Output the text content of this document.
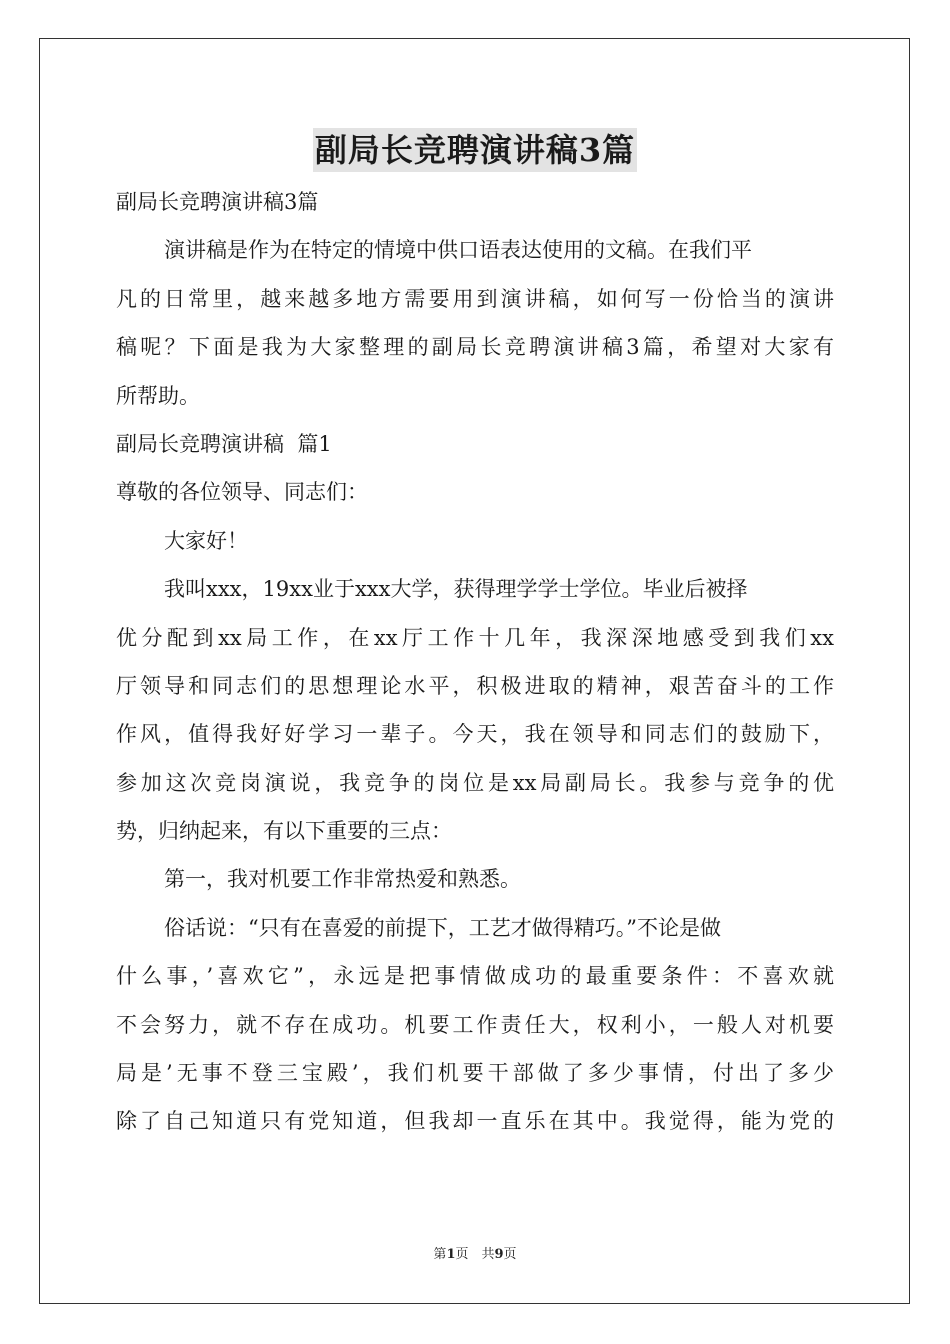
副局长竞聘演讲稿3篇
副局长竞聘演讲稿3篇
演讲稿是作为在特定的情境中供口语表达使用的文稿。在我们平
凡的日常里，越来越多地方需要用到演讲稿，如何写一份恰当的演讲
稿呢？下面是我为大家整理的副局长竞聘演讲稿3篇，希望对大家有
所帮助。
副局长竞聘演讲稿  篇1
尊敬的各位领导、同志们：
大家好！
我叫xxx，19xx业于xxx大学，获得理学学士学位。毕业后被择
优分配到xx局工作，在xx厅工作十几年，我深深地感受到我们xx
厅领导和同志们的思想理论水平，积极进取的精神，艰苦奋斗的工作
作风，值得我好好学习一辈子。今天，我在领导和同志们的鼓励下，
参加这次竞岗演说，我竞争的岗位是xx局副局长。我参与竞争的优
势，归纳起来，有以下重要的三点：
第一，我对机要工作非常热爱和熟悉。
俗话说：“只有在喜爱的前提下，工艺才做得精巧。”不论是做
什么事，’喜欢它”，永远是把事情做成功的最重要条件：不喜欢就
不会努力，就不存在成功。机要工作责任大，权利小，一般人对机要
局是’无事不登三宝殿’，我们机要干部做了多少事情，付出了多少
除了自己知道只有党知道，但我却一直乐在其中。我觉得，能为党的
第1页　共9页
